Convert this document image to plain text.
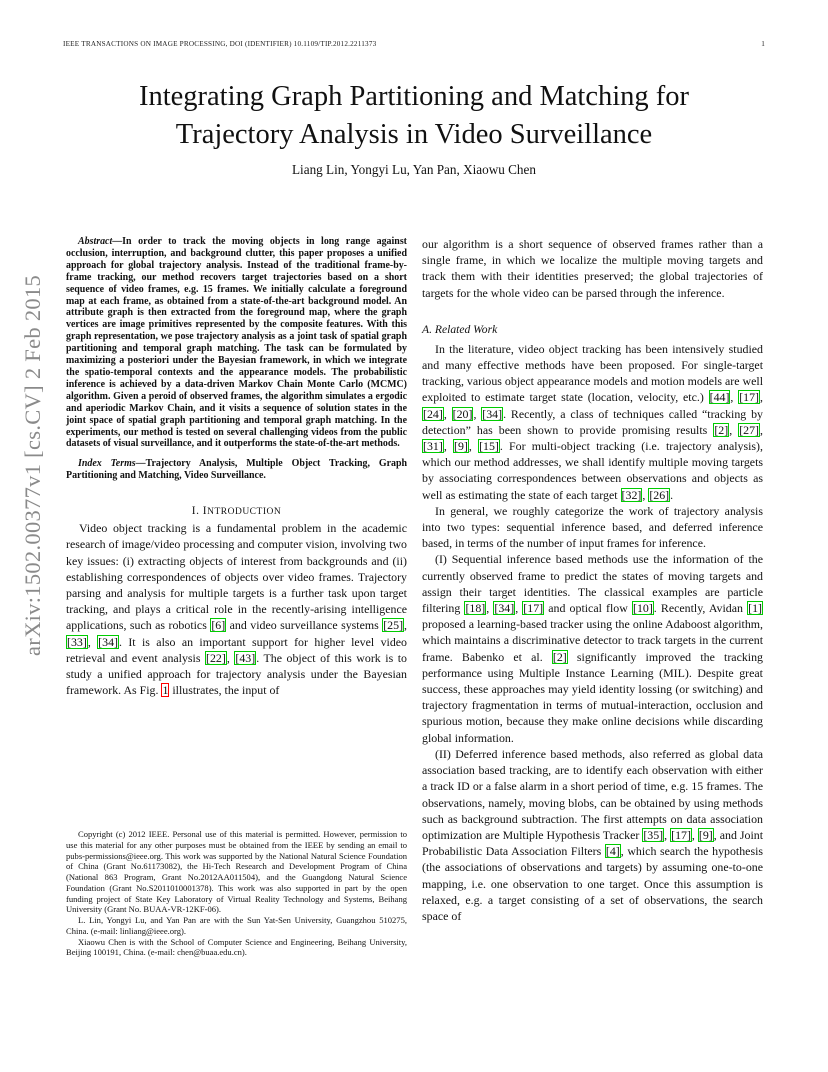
IEEE TRANSACTIONS ON IMAGE PROCESSING, DOI (IDENTIFIER) 10.1109/TIP.2012.2211373	1
arXiv:1502.00377v1 [cs.CV] 2 Feb 2015
Integrating Graph Partitioning and Matching for
Trajectory Analysis in Video Surveillance
Liang Lin, Yongyi Lu, Yan Pan, Xiaowu Chen

Abstract—In order to track the moving objects in long range against occlusion, interruption, and background clutter, this paper proposes a unified approach for global trajectory analysis. Instead of the traditional frame-by-frame tracking, our method recovers target trajectories based on a short sequence of video frames, e.g. 15 frames. We initially calculate a foreground map at each frame, as obtained from a state-of-the-art background model. An attribute graph is then extracted from the foreground map, where the graph vertices are image primitives represented by the composite features. With this graph representation, we pose trajectory analysis as a joint task of spatial graph partitioning and temporal graph matching. The task can be formulated by maximizing a posteriori under the Bayesian framework, in which we integrate the spatio-temporal contexts and the appearance models. The probabilistic inference is achieved by a data-driven Markov Chain Monte Carlo (MCMC) algorithm. Given a peroid of observed frames, the algorithm simulates a ergodic and aperiodic Markov Chain, and it visits a sequence of solution states in the joint space of spatial graph partitioning and temporal graph matching. In the experiments, our method is tested on several challenging videos from the public datasets of visual surveillance, and it outperforms the state-of-the-art methods.

Index Terms—Trajectory Analysis, Multiple Object Tracking, Graph Partitioning and Matching, Video Surveillance.

I. INTRODUCTION

Video object tracking is a fundamental problem in the academic research of image/video processing and computer vision, involving two key issues: (i) extracting objects of interest from backgrounds and (ii) establishing correspondences of objects over video frames. Trajectory parsing and analysis for multiple targets is a further task upon target tracking, and plays a critical role in the recently-arising intelligence applications, such as robotics [6] and video surveillance systems [25], [33], [34]. It is also an important support for higher level video retrieval and event analysis [22], [43]. The object of this work is to study a unified approach for trajectory analysis under the Bayesian framework. As Fig. 1 illustrates, the input of

Copyright (c) 2012 IEEE. Personal use of this material is permitted. However, permission to use this material for any other purposes must be obtained from the IEEE by sending an email to pubs-permissions@ieee.org. This work was supported by the National Natural Science Foundation of China (Grant No.61173082), the Hi-Tech Research and Development Program of China (National 863 Program, Grant No.2012AA011504), and the Guangdong Natural Science Foundation (Grant No.S2011010001378). This work was also supported in part by the open funding project of State Key Laboratory of Virtual Reality Technology and Systems, Beihang University (Grant No. BUAA-VR-12KF-06).

L. Lin, Yongyi Lu, and Yan Pan are with the Sun Yat-Sen University, Guangzhou 510275, China. (e-mail: linliang@ieee.org).

Xiaowu Chen is with the School of Computer Science and Engineering, Beihang University, Beijing 100191, China. (e-mail: chen@buaa.edu.cn).

our algorithm is a short sequence of observed frames rather than a single frame, in which we localize the multiple moving targets and track them with their identities preserved; the global trajectories of targets for the whole video can be parsed through the inference.

A. Related Work

In the literature, video object tracking has been intensively studied and many effective methods have been proposed. For single-target tracking, various object appearance models and motion models are well exploited to estimate target state (location, velocity, etc.) [44], [17], [24], [20], [34]. Recently, a class of techniques called “tracking by detection” has been shown to provide promising results [2], [27], [31], [9], [15]. For multi-object tracking (i.e. trajectory analysis), which our method addresses, we shall identify multiple moving targets by associating correspondences between observations and objects as well as estimating the state of each target [32], [26].

In general, we roughly categorize the work of trajectory analysis into two types: sequential inference based, and deferred inference based, in terms of the number of input frames for inference.

(I) Sequential inference based methods use the information of the currently observed frame to predict the states of moving targets and assign their target identities. The classical examples are particle filtering [18], [34], [17] and optical flow [10]. Recently, Avidan [1] proposed a learning-based tracker using the online Adaboost algorithm, which maintains a discriminative detector to track targets in the current frame. Babenko et al. [2] significantly improved the tracking performance using Multiple Instance Learning (MIL). Despite great success, these approaches may yield identity lossing (or switching) and trajectory fragmentation in terms of mutual-interaction, occlusion and spurious motion, because they make online decisions while discarding global information.

(II) Deferred inference based methods, also referred as global data association based tracking, are to identify each observation with either a track ID or a false alarm in a short period of time, e.g. 15 frames. The observations, namely, moving blobs, can be obtained by using methods such as background subtraction. The first attempts on data association optimization are Multiple Hypothesis Tracker [35], [17], [9], and Joint Probabilistic Data Association Filters [4], which search the hypothesis (the associations of observations and targets) by assuming one-to-one mapping, i.e. one observation to one target. Once this assumption is relaxed, e.g. a target consisting of a set of observations, the search space of
